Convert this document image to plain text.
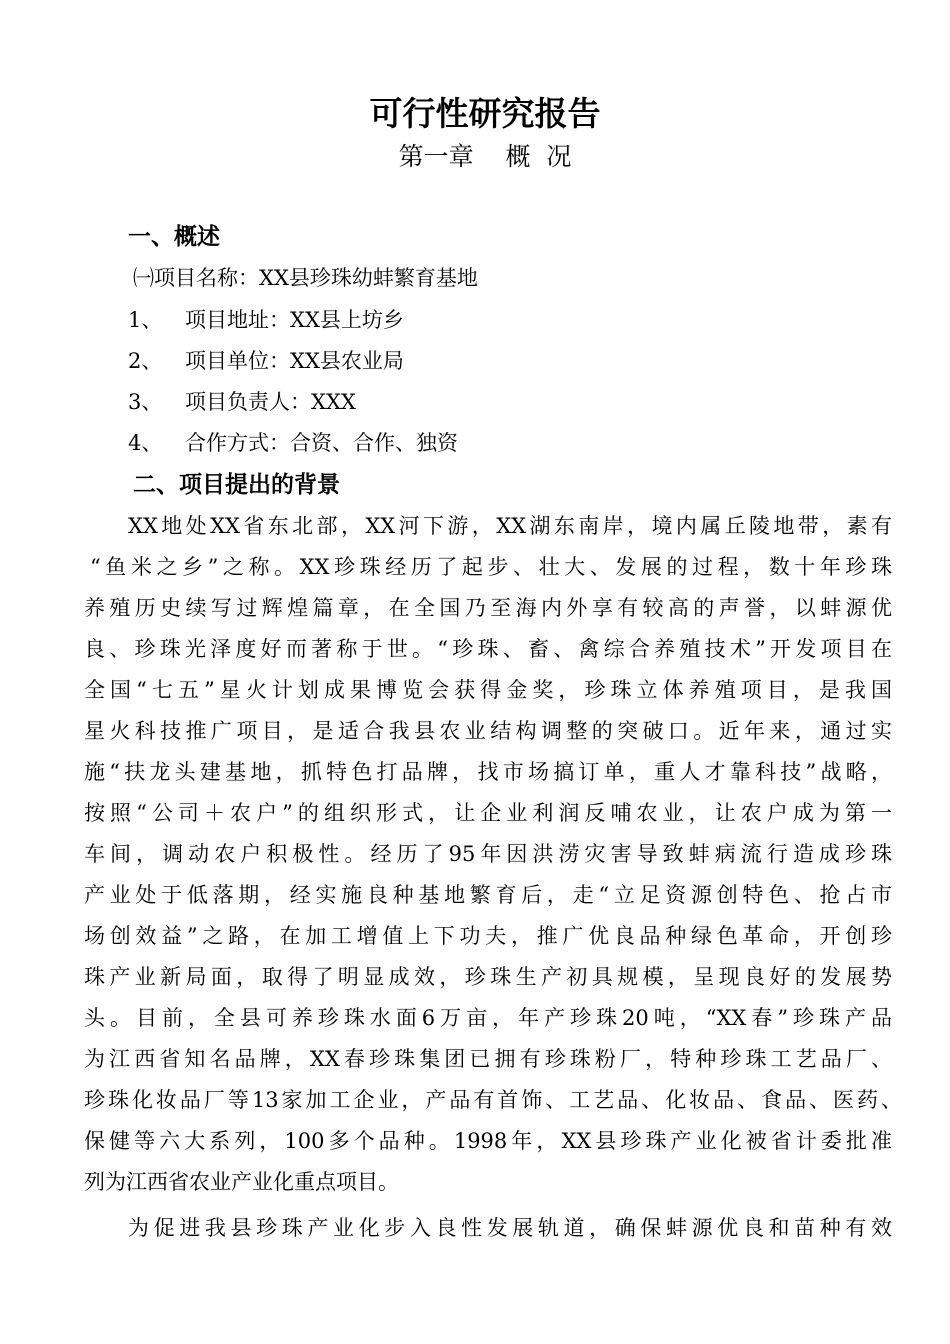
可行性研究报告
第一章    概  况
一、概述
㈠项目名称：XX县珍珠幼蚌繁育基地
1、 项目地址：XX县上坊乡
2、 项目单位：XX县农业局
3、 项目负责人：XXX
4、 合作方式：合资、合作、独资
二、项目提出的背景
XX地处XX省东北部，XX河下游，XX湖东南岸，境内属丘陵地带，素有
“鱼米之乡”之称。XX珍珠经历了起步、壮大、发展的过程，数十年珍珠
养殖历史续写过辉煌篇章，在全国乃至海内外享有较高的声誉，以蚌源优
良、珍珠光泽度好而著称于世。“珍珠、畜、禽综合养殖技术”开发项目在
全国“七五”星火计划成果博览会获得金奖，珍珠立体养殖项目，是我国
星火科技推广项目，是适合我县农业结构调整的突破口。近年来，通过实
施“扶龙头建基地，抓特色打品牌，找市场搞订单，重人才靠科技”战略，
按照“公司＋农户”的组织形式，让企业利润反哺农业，让农户成为第一
车间，调动农户积极性。经历了95年因洪涝灾害导致蚌病流行造成珍珠
产业处于低落期，经实施良种基地繁育后，走“立足资源创特色、抢占市
场创效益”之路，在加工增值上下功夫，推广优良品种绿色革命，开创珍
珠产业新局面，取得了明显成效，珍珠生产初具规模，呈现良好的发展势
头。目前，全县可养珍珠水面6万亩，年产珍珠20吨，“XX春”珍珠产品
为江西省知名品牌，XX春珍珠集团已拥有珍珠粉厂，特种珍珠工艺品厂、
珍珠化妆品厂等13家加工企业，产品有首饰、工艺品、化妆品、食品、医药、
保健等六大系列，100多个品种。1998年，XX县珍珠产业化被省计委批准
列为江西省农业产业化重点项目。
为促进我县珍珠产业化步入良性发展轨道，确保蚌源优良和苗种有效
